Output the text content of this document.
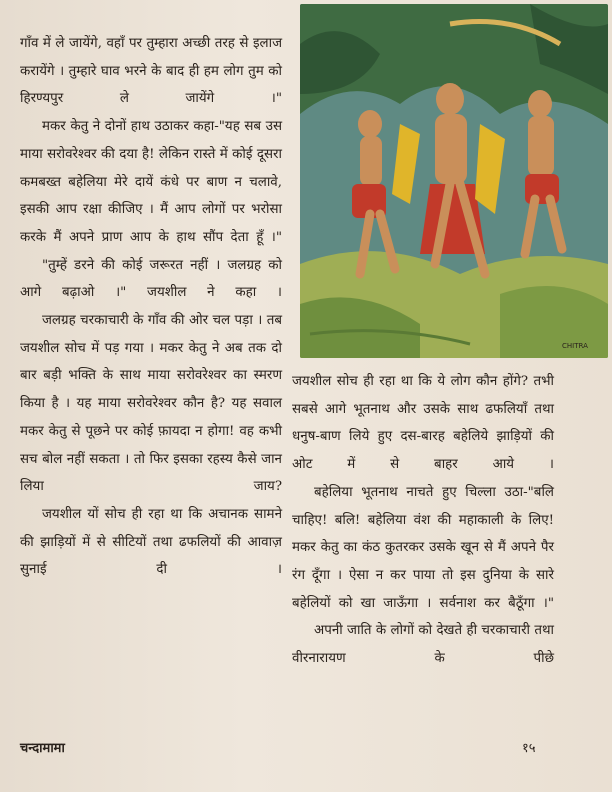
गाँव में ले जायेंगे, वहाँ पर तुम्हारा अच्छी तरह से इलाज करायेंगे । तुम्हारे घाव भरने के बाद ही हम लोग तुम को हिरण्यपुर ले जायेंगे ।"

मकर केतु ने दोनों हाथ उठाकर कहा-"यह सब उस माया सरोवरेश्वर की दया है! लेकिन रास्ते में कोई दूसरा कमबख्त बहेलिया मेरे दायें कंधे पर बाण न चलावे, इसकी आप रक्षा कीजिए । मैं आप लोगों पर भरोसा करके मैं अपने प्राण आप के हाथ सौंप देता हूँ ।"

"तुम्हें डरने की कोई जरूरत नहीं । जलग्रह को आगे बढ़ाओ ।" जयशील ने कहा ।

जलग्रह चरकाचारी के गाँव की ओर चल पड़ा । तब जयशील सोच में पड़ गया । मकर केतु ने अब तक दो बार बड़ी भक्ति के साथ माया सरोवरेश्वर का स्मरण किया है । यह माया सरोवरेश्वर कौन है? यह सवाल मकर केतु से पूछने पर कोई फ़ायदा न होगा! वह कभी सच बोल नहीं सकता । तो फिर इसका रहस्य कैसे जान लिया जाय?

जयशील यों सोच ही रहा था कि अचानक सामने की झाड़ियों में से सीटियों तथा ढफलियों की आवाज़ सुनाई दी ।

CHITRA

जयशील सोच ही रहा था कि ये लोग कौन होंगे? तभी सबसे आगे भूतनाथ और उसके साथ ढफलियाँ तथा धनुष-बाण लिये हुए दस-बारह बहेलिये झाड़ियों की ओट में से बाहर आये ।

बहेलिया भूतनाथ नाचते हुए चिल्ला उठा-"बलि चाहिए! बलि! बहेलिया वंश की महाकाली के लिए! मकर केतु का कंठ कुतरकर उसके खून से मैं अपने पैर रंग दूँगा । ऐसा न कर पाया तो इस दुनिया के सारे बहेलियों को खा जाऊँगा । सर्वनाश कर बैठूँगा ।"

अपनी जाति के लोगों को देखते ही चरकाचारी तथा वीरनारायण के पीछे

चन्दामामा	१५
